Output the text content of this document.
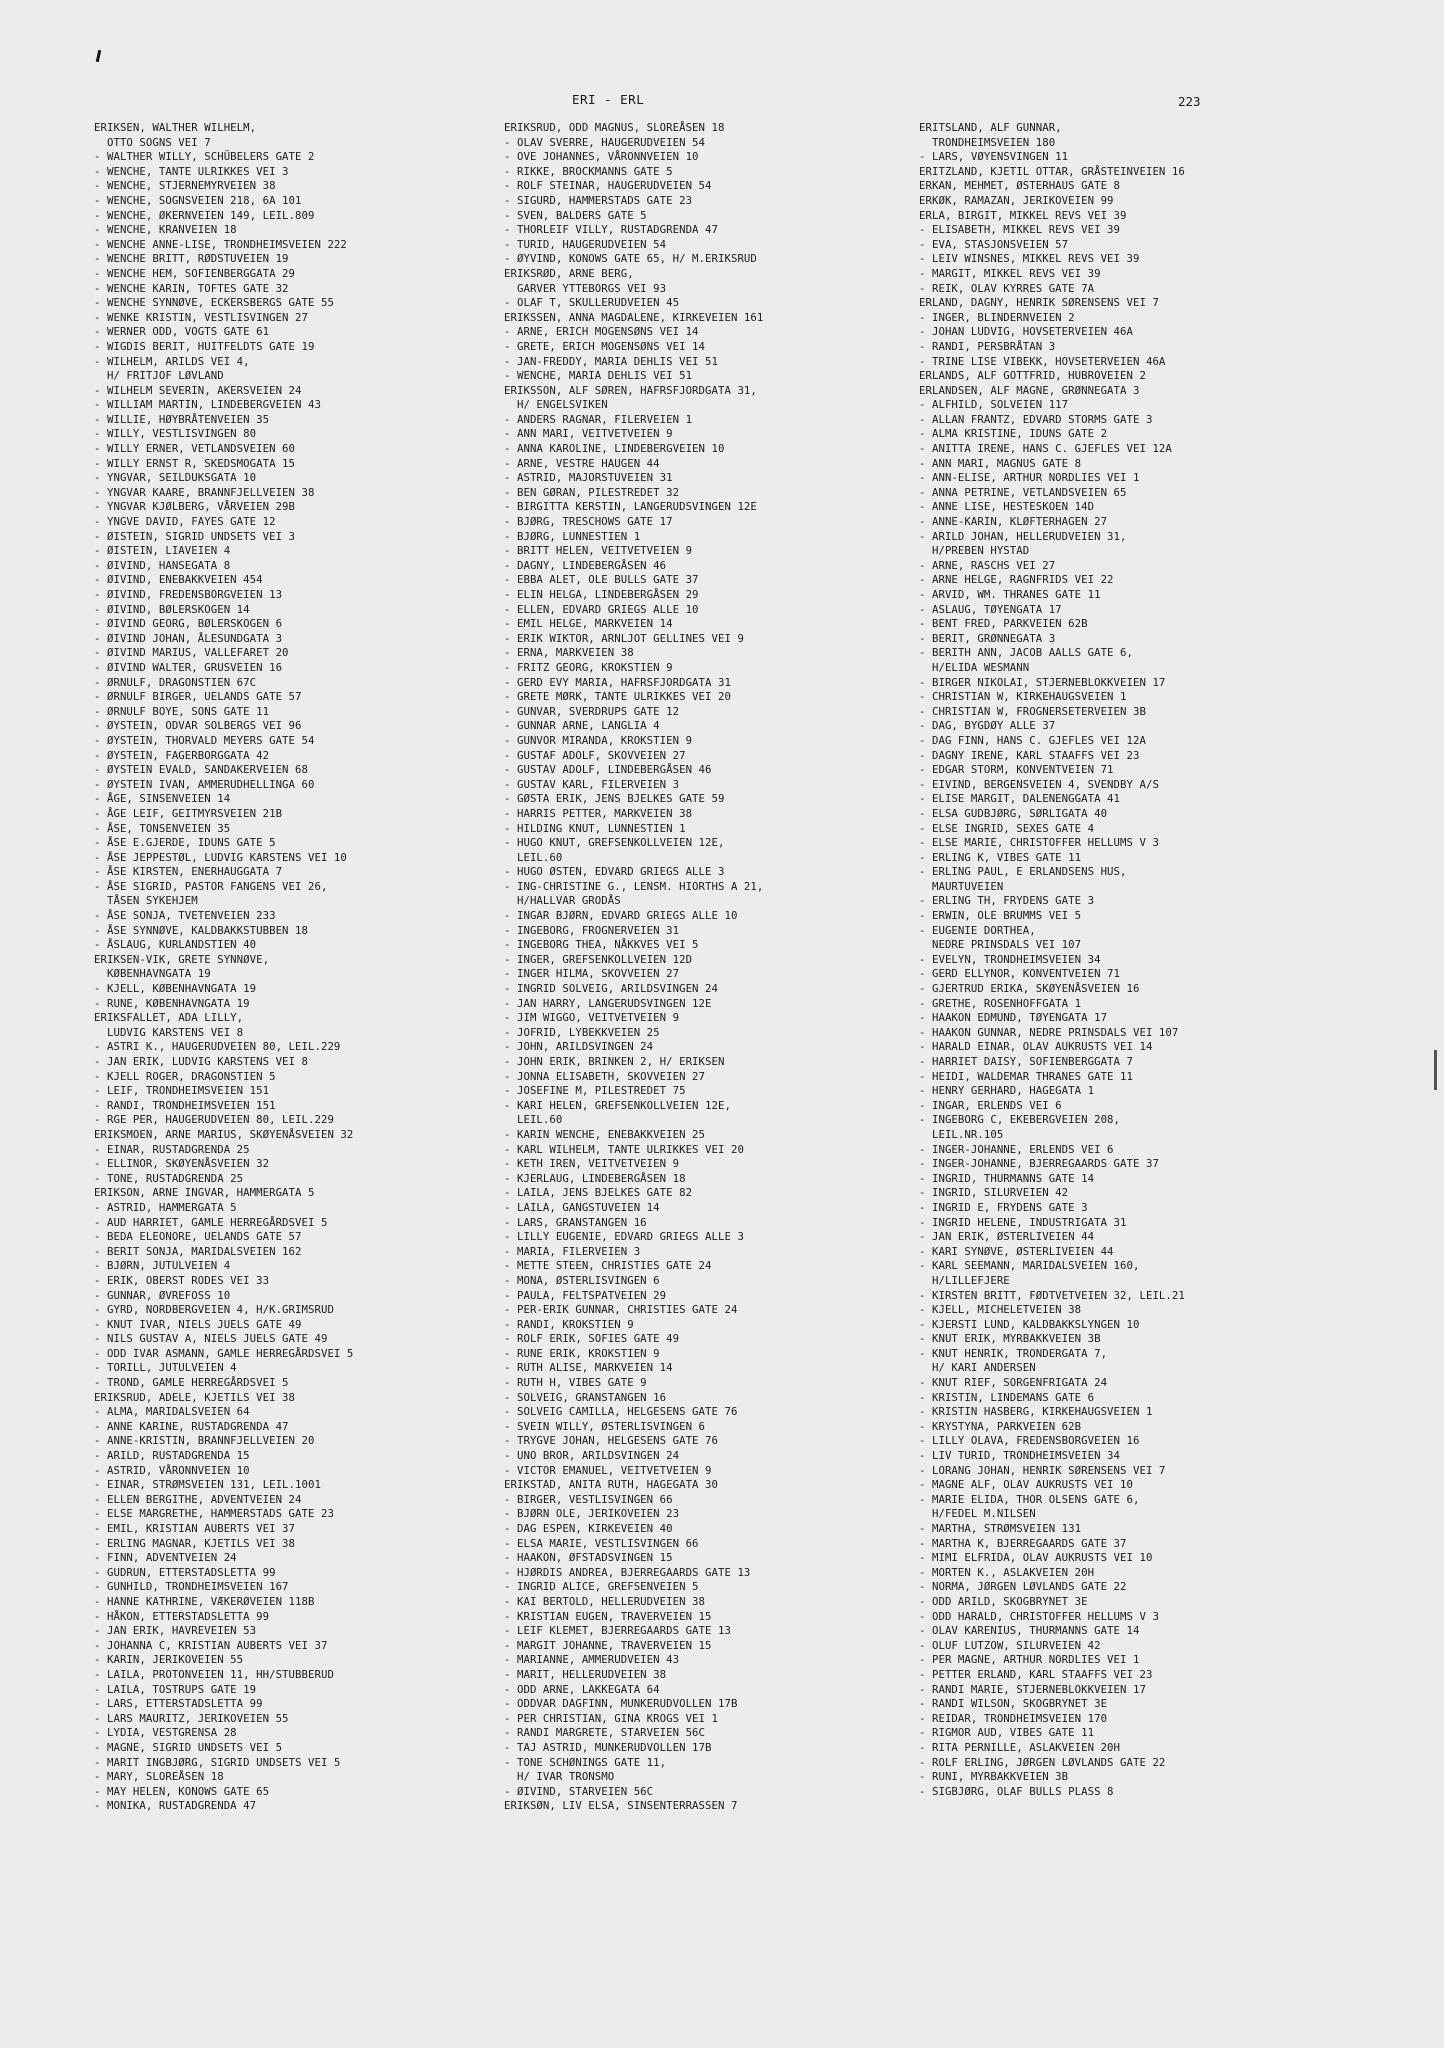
ERI - ERL	223
ERIKSEN, WALTHER WILHELM,
OTTO SOGNS VEI 7
- WALTHER WILLY, SCHÜBELERS GATE 2
- WENCHE, TANTE ULRIKKES VEI 3
- WENCHE, STJERNEMYRVEIEN 38
- WENCHE, SOGNSVEIEN 218, 6A 101
- WENCHE, ØKERNVEIEN 149, LEIL.809
- WENCHE, KRANVEIEN 18
- WENCHE ANNE-LISE, TRONDHEIMSVEIEN 222
- WENCHE BRITT, RØDSTUVEIEN 19
- WENCHE HEM, SOFIENBERGGATA 29
- WENCHE KARIN, TOFTES GATE 32
- WENCHE SYNNØVE, ECKERSBERGS GATE 55
- WENKE KRISTIN, VESTLISVINGEN 27
- WERNER ODD, VOGTS GATE 61
- WIGDIS BERIT, HUITFELDTS GATE 19
- WILHELM, ARILDS VEI 4,
H/ FRITJOF LØVLAND
- WILHELM SEVERIN, AKERSVEIEN 24
- WILLIAM MARTIN, LINDEBERGVEIEN 43
- WILLIE, HØYBRÅTENVEIEN 35
- WILLY, VESTLISVINGEN 80
- WILLY ERNER, VETLANDSVEIEN 60
- WILLY ERNST R, SKEDSMOGATA 15
- YNGVAR, SEILDUKSGATA 10
- YNGVAR KAARE, BRANNFJELLVEIEN 38
- YNGVAR KJØLBERG, VÅRVEIEN 29B
- YNGVE DAVID, FAYES GATE 12
- ØISTEIN, SIGRID UNDSETS VEI 3
- ØISTEIN, LIAVEIEN 4
- ØIVIND, HANSEGATA 8
- ØIVIND, ENEBAKKVEIEN 454
- ØIVIND, FREDENSBORGVEIEN 13
- ØIVIND, BØLERSKOGEN 14
- ØIVIND GEORG, BØLERSKOGEN 6
- ØIVIND JOHAN, ÅLESUNDGATA 3
- ØIVIND MARIUS, VALLEFARET 20
- ØIVIND WALTER, GRUSVEIEN 16
- ØRNULF, DRAGONSTIEN 67C
- ØRNULF BIRGER, UELANDS GATE 57
- ØRNULF BOYE, SONS GATE 11
- ØYSTEIN, ODVAR SOLBERGS VEI 96
- ØYSTEIN, THORVALD MEYERS GATE 54
- ØYSTEIN, FAGERBORGGATA 42
- ØYSTEIN EVALD, SANDAKERVEIEN 68
- ØYSTEIN IVAN, AMMERUDHELLINGA 60
- ÅGE, SINSENVEIEN 14
- ÅGE LEIF, GEITMYRSVEIEN 21B
- ÅSE, TONSENVEIEN 35
- ÅSE E.GJERDE, IDUNS GATE 5
- ÅSE JEPPESTØL, LUDVIG KARSTENS VEI 10
- ÅSE KIRSTEN, ENERHAUGGATA 7
- ÅSE SIGRID, PASTOR FANGENS VEI 26,
TÅSEN SYKEHJEM
- ÅSE SONJA, TVETENVEIEN 233
- ÅSE SYNNØVE, KALDBAKKSTUBBEN 18
- ÅSLAUG, KURLANDSTIEN 40
ERIKSEN-VIK, GRETE SYNNØVE,
KØBENHAVNGATA 19
- KJELL, KØBENHAVNGATA 19
- RUNE, KØBENHAVNGATA 19
ERIKSFALLET, ADA LILLY,
LUDVIG KARSTENS VEI 8
- ASTRI K., HAUGERUDVEIEN 80, LEIL.229
- JAN ERIK, LUDVIG KARSTENS VEI 8
- KJELL ROGER, DRAGONSTIEN 5
- LEIF, TRONDHEIMSVEIEN 151
- RANDI, TRONDHEIMSVEIEN 151
- RGE PER, HAUGERUDVEIEN 80, LEIL.229
ERIKSMOEN, ARNE MARIUS, SKØYENÅSVEIEN 32
- EINAR, RUSTADGRENDA 25
- ELLINOR, SKØYENÅSVEIEN 32
- TONE, RUSTADGRENDA 25
ERIKSON, ARNE INGVAR, HAMMERGATA 5
- ASTRID, HAMMERGATA 5
- AUD HARRIET, GAMLE HERREGÅRDSVEI 5
- BEDA ELEONORE, UELANDS GATE 57
- BERIT SONJA, MARIDALSVEIEN 162
- BJØRN, JUTULVEIEN 4
- ERIK, OBERST RODES VEI 33
- GUNNAR, ØVREFOSS 10
- GYRD, NORDBERGVEIEN 4, H/K.GRIMSRUD
- KNUT IVAR, NIELS JUELS GATE 49
- NILS GUSTAV A, NIELS JUELS GATE 49
- ODD IVAR ASMANN, GAMLE HERREGÅRDSVEI 5
- TORILL, JUTULVEIEN 4
- TROND, GAMLE HERREGÅRDSVEI 5
ERIKSRUD, ADELE, KJETILS VEI 38
- ALMA, MARIDALSVEIEN 64
- ANNE KARINE, RUSTADGRENDA 47
- ANNE-KRISTIN, BRANNFJELLVEIEN 20
- ARILD, RUSTADGRENDA 15
- ASTRID, VÅRONNVEIEN 10
- EINAR, STRØMSVEIEN 131, LEIL.1001
- ELLEN BERGITHE, ADVENTVEIEN 24
- ELSE MARGRETHE, HAMMERSTADS GATE 23
- EMIL, KRISTIAN AUBERTS VEI 37
- ERLING MAGNAR, KJETILS VEI 38
- FINN, ADVENTVEIEN 24
- GUDRUN, ETTERSTADSLETTA 99
- GUNHILD, TRONDHEIMSVEIEN 167
- HANNE KATHRINE, VÆKERØVEIEN 118B
- HÅKON, ETTERSTADSLETTA 99
- JAN ERIK, HAVREVEIEN 53
- JOHANNA C, KRISTIAN AUBERTS VEI 37
- KARIN, JERIKOVEIEN 55
- LAILA, PROTONVEIEN 11, HH/STUBBERUD
- LAILA, TOSTRUPS GATE 19
- LARS, ETTERSTADSLETTA 99
- LARS MAURITZ, JERIKOVEIEN 55
- LYDIA, VESTGRENSA 28
- MAGNE, SIGRID UNDSETS VEI 5
- MARIT INGBJØRG, SIGRID UNDSETS VEI 5
- MARY, SLOREÅSEN 18
- MAY HELEN, KONOWS GATE 65
- MONIKA, RUSTADGRENDA 47
ERIKSRUD, ODD MAGNUS, SLOREÅSEN 18
- OLAV SVERRE, HAUGERUDVEIEN 54
- OVE JOHANNES, VÅRONNVEIEN 10
- RIKKE, BROCKMANNS GATE 5
- ROLF STEINAR, HAUGERUDVEIEN 54
- SIGURD, HAMMERSTADS GATE 23
- SVEN, BALDERS GATE 5
- THORLEIF VILLY, RUSTADGRENDA 47
- TURID, HAUGERUDVEIEN 54
- ØYVIND, KONOWS GATE 65, H/ M.ERIKSRUD
ERIKSRØD, ARNE BERG,
GARVER YTTEBORGS VEI 93
- OLAF T, SKULLERUDVEIEN 45
ERIKSSEN, ANNA MAGDALENE, KIRKEVEIEN 161
- ARNE, ERICH MOGENSØNS VEI 14
- GRETE, ERICH MOGENSØNS VEI 14
- JAN-FREDDY, MARIA DEHLIS VEI 51
- WENCHE, MARIA DEHLIS VEI 51
ERIKSSON, ALF SØREN, HAFRSFJORDGATA 31,
H/ ENGELSVIKEN
- ANDERS RAGNAR, FILERVEIEN 1
- ANN MARI, VEITVETVEIEN 9
- ANNA KAROLINE, LINDEBERGVEIEN 10
- ARNE, VESTRE HAUGEN 44
- ASTRID, MAJORSTUVEIEN 31
- BEN GØRAN, PILESTREDET 32
- BIRGITTA KERSTIN, LANGERUDSVINGEN 12E
- BJØRG, TRESCHOWS GATE 17
- BJØRG, LUNNESTIEN 1
- BRITT HELEN, VEITVETVEIEN 9
- DAGNY, LINDEBERGÅSEN 46
- EBBA ALET, OLE BULLS GATE 37
- ELIN HELGA, LINDEBERGÅSEN 29
- ELLEN, EDVARD GRIEGS ALLE 10
- EMIL HELGE, MARKVEIEN 14
- ERIK WIKTOR, ARNLJOT GELLINES VEI 9
- ERNA, MARKVEIEN 38
- FRITZ GEORG, KROKSTIEN 9
- GERD EVY MARIA, HAFRSFJORDGATA 31
- GRETE MØRK, TANTE ULRIKKES VEI 20
- GUNVAR, SVERDRUPS GATE 12
- GUNNAR ARNE, LANGLIA 4
- GUNVOR MIRANDA, KROKSTIEN 9
- GUSTAF ADOLF, SKOVVEIEN 27
- GUSTAV ADOLF, LINDEBERGÅSEN 46
- GUSTAV KARL, FILERVEIEN 3
- GØSTA ERIK, JENS BJELKES GATE 59
- HARRIS PETTER, MARKVEIEN 38
- HILDING KNUT, LUNNESTIEN 1
- HUGO KNUT, GREFSENKOLLVEIEN 12E,
LEIL.60
- HUGO ØSTEN, EDVARD GRIEGS ALLE 3
- ING-CHRISTINE G., LENSM. HIORTHS A 21,
H/HALLVAR GRODÅS
- INGAR BJØRN, EDVARD GRIEGS ALLE 10
- INGEBORG, FROGNERVEIEN 31
- INGEBORG THEA, NÅKKVES VEI 5
- INGER, GREFSENKOLLVEIEN 12D
- INGER HILMA, SKOVVEIEN 27
- INGRID SOLVEIG, ARILDSVINGEN 24
- JAN HARRY, LANGERUDSVINGEN 12E
- JIM WIGGO, VEITVETVEIEN 9
- JOFRID, LYBEKKVEIEN 25
- JOHN, ARILDSVINGEN 24
- JOHN ERIK, BRINKEN 2, H/ ERIKSEN
- JONNA ELISABETH, SKOVVEIEN 27
- JOSEFINE M, PILESTREDET 75
- KARI HELEN, GREFSENKOLLVEIEN 12E,
LEIL.60
- KARIN WENCHE, ENEBAKKVEIEN 25
- KARL WILHELM, TANTE ULRIKKES VEI 20
- KETH IREN, VEITVETVEIEN 9
- KJERLAUG, LINDEBERGÅSEN 18
- LAILA, JENS BJELKES GATE 82
- LAILA, GANGSTUVEIEN 14
- LARS, GRANSTANGEN 16
- LILLY EUGENIE, EDVARD GRIEGS ALLE 3
- MARIA, FILERVEIEN 3
- METTE STEEN, CHRISTIES GATE 24
- MONA, ØSTERLISVINGEN 6
- PAULA, FELTSPATVEIEN 29
- PER-ERIK GUNNAR, CHRISTIES GATE 24
- RANDI, KROKSTIEN 9
- ROLF ERIK, SOFIES GATE 49
- RUNE ERIK, KROKSTIEN 9
- RUTH ALISE, MARKVEIEN 14
- RUTH H, VIBES GATE 9
- SOLVEIG, GRANSTANGEN 16
- SOLVEIG CAMILLA, HELGESENS GATE 76
- SVEIN WILLY, ØSTERLISVINGEN 6
- TRYGVE JOHAN, HELGESENS GATE 76
- UNO BROR, ARILDSVINGEN 24
- VICTOR EMANUEL, VEITVETVEIEN 9
ERIKSTAD, ANITA RUTH, HAGEGATA 30
- BIRGER, VESTLISVINGEN 66
- BJØRN OLE, JERIKOVEIEN 23
- DAG ESPEN, KIRKEVEIEN 40
- ELSA MARIE, VESTLISVINGEN 66
- HAAKON, ØFSTADSVINGEN 15
- HJØRDIS ANDREA, BJERREGAARDS GATE 13
- INGRID ALICE, GREFSENVEIEN 5
- KAI BERTOLD, HELLERUDVEIEN 38
- KRISTIAN EUGEN, TRAVERVEIEN 15
- LEIF KLEMET, BJERREGAARDS GATE 13
- MARGIT JOHANNE, TRAVERVEIEN 15
- MARIANNE, AMMERUDVEIEN 43
- MARIT, HELLERUDVEIEN 38
- ODD ARNE, LAKKEGATA 64
- ODDVAR DAGFINN, MUNKERUDVOLLEN 17B
- PER CHRISTIAN, GINA KROGS VEI 1
- RANDI MARGRETE, STARVEIEN 56C
- TAJ ASTRID, MUNKERUDVOLLEN 17B
- TONE SCHØNINGS GATE 11,
H/ IVAR TRONSMO
- ØIVIND, STARVEIEN 56C
ERIKSØN, LIV ELSA, SINSENTERRASSEN 7
ERITSLAND, ALF GUNNAR,
TRONDHEIMSVEIEN 180
- LARS, VØYENSVINGEN 11
ERITZLAND, KJETIL OTTAR, GRÅSTEINVEIEN 16
ERKAN, MEHMET, ØSTERHAUS GATE 8
ERKØK, RAMAZAN, JERIKOVEIEN 99
ERLA, BIRGIT, MIKKEL REVS VEI 39
- ELISABETH, MIKKEL REVS VEI 39
- EVA, STASJONSVEIEN 57
- LEIV WINSNES, MIKKEL REVS VEI 39
- MARGIT, MIKKEL REVS VEI 39
- REIK, OLAV KYRRES GATE 7A
ERLAND, DAGNY, HENRIK SØRENSENS VEI 7
- INGER, BLINDERNVEIEN 2
- JOHAN LUDVIG, HOVSETERVEIEN 46A
- RANDI, PERSBRÅTAN 3
- TRINE LISE VIBEKK, HOVSETERVEIEN 46A
ERLANDS, ALF GOTTFRID, HUBROVEIEN 2
ERLANDSEN, ALF MAGNE, GRØNNEGATA 3
- ALFHILD, SOLVEIEN 117
- ALLAN FRANTZ, EDVARD STORMS GATE 3
- ALMA KRISTINE, IDUNS GATE 2
- ANITTA IRENE, HANS C. GJEFLES VEI 12A
- ANN MARI, MAGNUS GATE 8
- ANN-ELISE, ARTHUR NORDLIES VEI 1
- ANNA PETRINE, VETLANDSVEIEN 65
- ANNE LISE, HESTESKOEN 14D
- ANNE-KARIN, KLØFTERHAGEN 27
- ARILD JOHAN, HELLERUDVEIEN 31,
H/PREBEN HYSTAD
- ARNE, RASCHS VEI 27
- ARNE HELGE, RAGNFRIDS VEI 22
- ARVID, WM. THRANES GATE 11
- ASLAUG, TØYENGATA 17
- BENT FRED, PARKVEIEN 62B
- BERIT, GRØNNEGATA 3
- BERITH ANN, JACOB AALLS GATE 6,
H/ELIDA WESMANN
- BIRGER NIKOLAI, STJERNEBLOKKVEIEN 17
- CHRISTIAN W, KIRKEHAUGSVEIEN 1
- CHRISTIAN W, FROGNERSETERVEIEN 3B
- DAG, BYGDØY ALLE 37
- DAG FINN, HANS C. GJEFLES VEI 12A
- DAGNY IRENE, KARL STAAFFS VEI 23
- EDGAR STORM, KONVENTVEIEN 71
- EIVIND, BERGENSVEIEN 4, SVENDBY A/S
- ELISE MARGIT, DALENENGGATA 41
- ELSA GUDBJØRG, SØRLIGATA 40
- ELSE INGRID, SEXES GATE 4
- ELSE MARIE, CHRISTOFFER HELLUMS V 3
- ERLING K, VIBES GATE 11
- ERLING PAUL, E ERLANDSENS HUS,
MAURTUVEIEN
- ERLING TH, FRYDENS GATE 3
- ERWIN, OLE BRUMMS VEI 5
- EUGENIE DORTHEA,
NEDRE PRINSDALS VEI 107
- EVELYN, TRONDHEIMSVEIEN 34
- GERD ELLYNOR, KONVENTVEIEN 71
- GJERTRUD ERIKA, SKØYENÅSVEIEN 16
- GRETHE, ROSENHOFFGATA 1
- HAAKON EDMUND, TØYENGATA 17
- HAAKON GUNNAR, NEDRE PRINSDALS VEI 107
- HARALD EINAR, OLAV AUKRUSTS VEI 14
- HARRIET DAISY, SOFIENBERGGATA 7
- HEIDI, WALDEMAR THRANES GATE 11
- HENRY GERHARD, HAGEGATA 1
- INGAR, ERLENDS VEI 6
- INGEBORG C, EKEBERGVEIEN 208,
LEIL.NR.105
- INGER-JOHANNE, ERLENDS VEI 6
- INGER-JOHANNE, BJERREGAARDS GATE 37
- INGRID, THURMANNS GATE 14
- INGRID, SILURVEIEN 42
- INGRID E, FRYDENS GATE 3
- INGRID HELENE, INDUSTRIGATA 31
- JAN ERIK, ØSTERLIVEIEN 44
- KARI SYNØVE, ØSTERLIVEIEN 44
- KARL SEEMANN, MARIDALSVEIEN 160,
H/LILLEFJERE
- KIRSTEN BRITT, FØDTVETVEIEN 32, LEIL.21
- KJELL, MICHELETVEIEN 38
- KJERSTI LUND, KALDBAKKSLYNGEN 10
- KNUT ERIK, MYRBAKKVEIEN 3B
- KNUT HENRIK, TRONDERGATA 7,
H/ KARI ANDERSEN
- KNUT RIEF, SORGENFRIGATA 24
- KRISTIN, LINDEMANS GATE 6
- KRISTIN HASBERG, KIRKEHAUGSVEIEN 1
- KRYSTYNA, PARKVEIEN 62B
- LILLY OLAVA, FREDENSBORGVEIEN 16
- LIV TURID, TRONDHEIMSVEIEN 34
- LORANG JOHAN, HENRIK SØRENSENS VEI 7
- MAGNE ALF, OLAV AUKRUSTS VEI 10
- MARIE ELIDA, THOR OLSENS GATE 6,
H/FEDEL M.NILSEN
- MARTHA, STRØMSVEIEN 131
- MARTHA K, BJERREGAARDS GATE 37
- MIMI ELFRIDA, OLAV AUKRUSTS VEI 10
- MORTEN K., ASLAKVEIEN 20H
- NORMA, JØRGEN LØVLANDS GATE 22
- ODD ARILD, SKOGBRYNET 3E
- ODD HARALD, CHRISTOFFER HELLUMS V 3
- OLAV KARENIUS, THURMANNS GATE 14
- OLUF LUTZOW, SILURVEIEN 42
- PER MAGNE, ARTHUR NORDLIES VEI 1
- PETTER ERLAND, KARL STAAFFS VEI 23
- RANDI MARIE, STJERNEBLOKKVEIEN 17
- RANDI WILSON, SKOGBRYNET 3E
- REIDAR, TRONDHEIMSVEIEN 170
- RIGMOR AUD, VIBES GATE 11
- RITA PERNILLE, ASLAKVEIEN 20H
- ROLF ERLING, JØRGEN LØVLANDS GATE 22
- RUNI, MYRBAKKVEIEN 3B
- SIGBJØRG, OLAF BULLS PLASS 8
